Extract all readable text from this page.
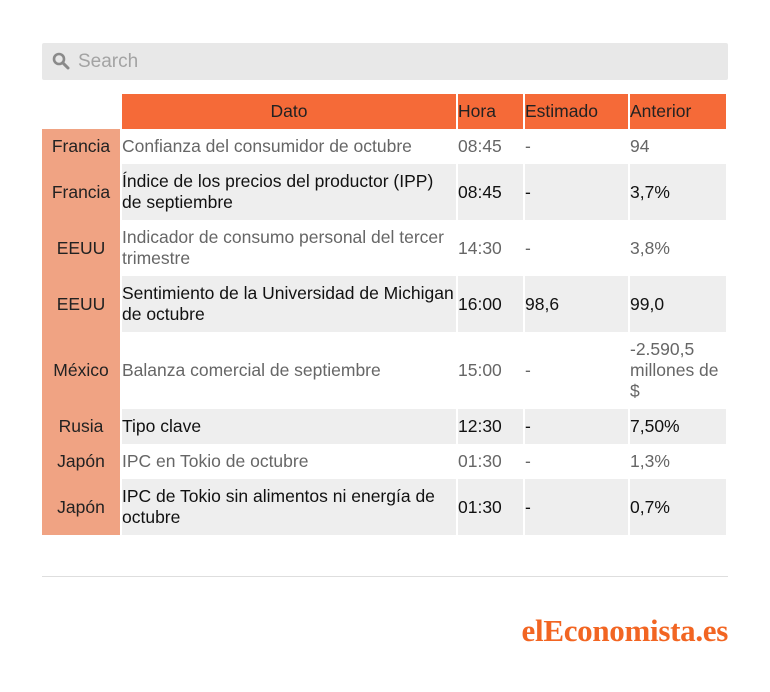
Search
	Dato	Hora	Estimado	Anterior
Francia	Confianza del consumidor de octubre	08:45	-	94
Francia	Índice de los precios del productor (IPP) de septiembre	08:45	-	3,7%
EEUU	Indicador de consumo personal del tercer trimestre	14:30	-	3,8%
EEUU	Sentimiento de la Universidad de Michigan de octubre	16:00	98,6	99,0
México	Balanza comercial de septiembre	15:00	-	-2.590,5 millones de $
Rusia	Tipo clave	12:30	-	7,50%
Japón	IPC en Tokio de octubre	01:30	-	1,3%
Japón	IPC de Tokio sin alimentos ni energía de octubre	01:30	-	0,7%
elEconomista.es
